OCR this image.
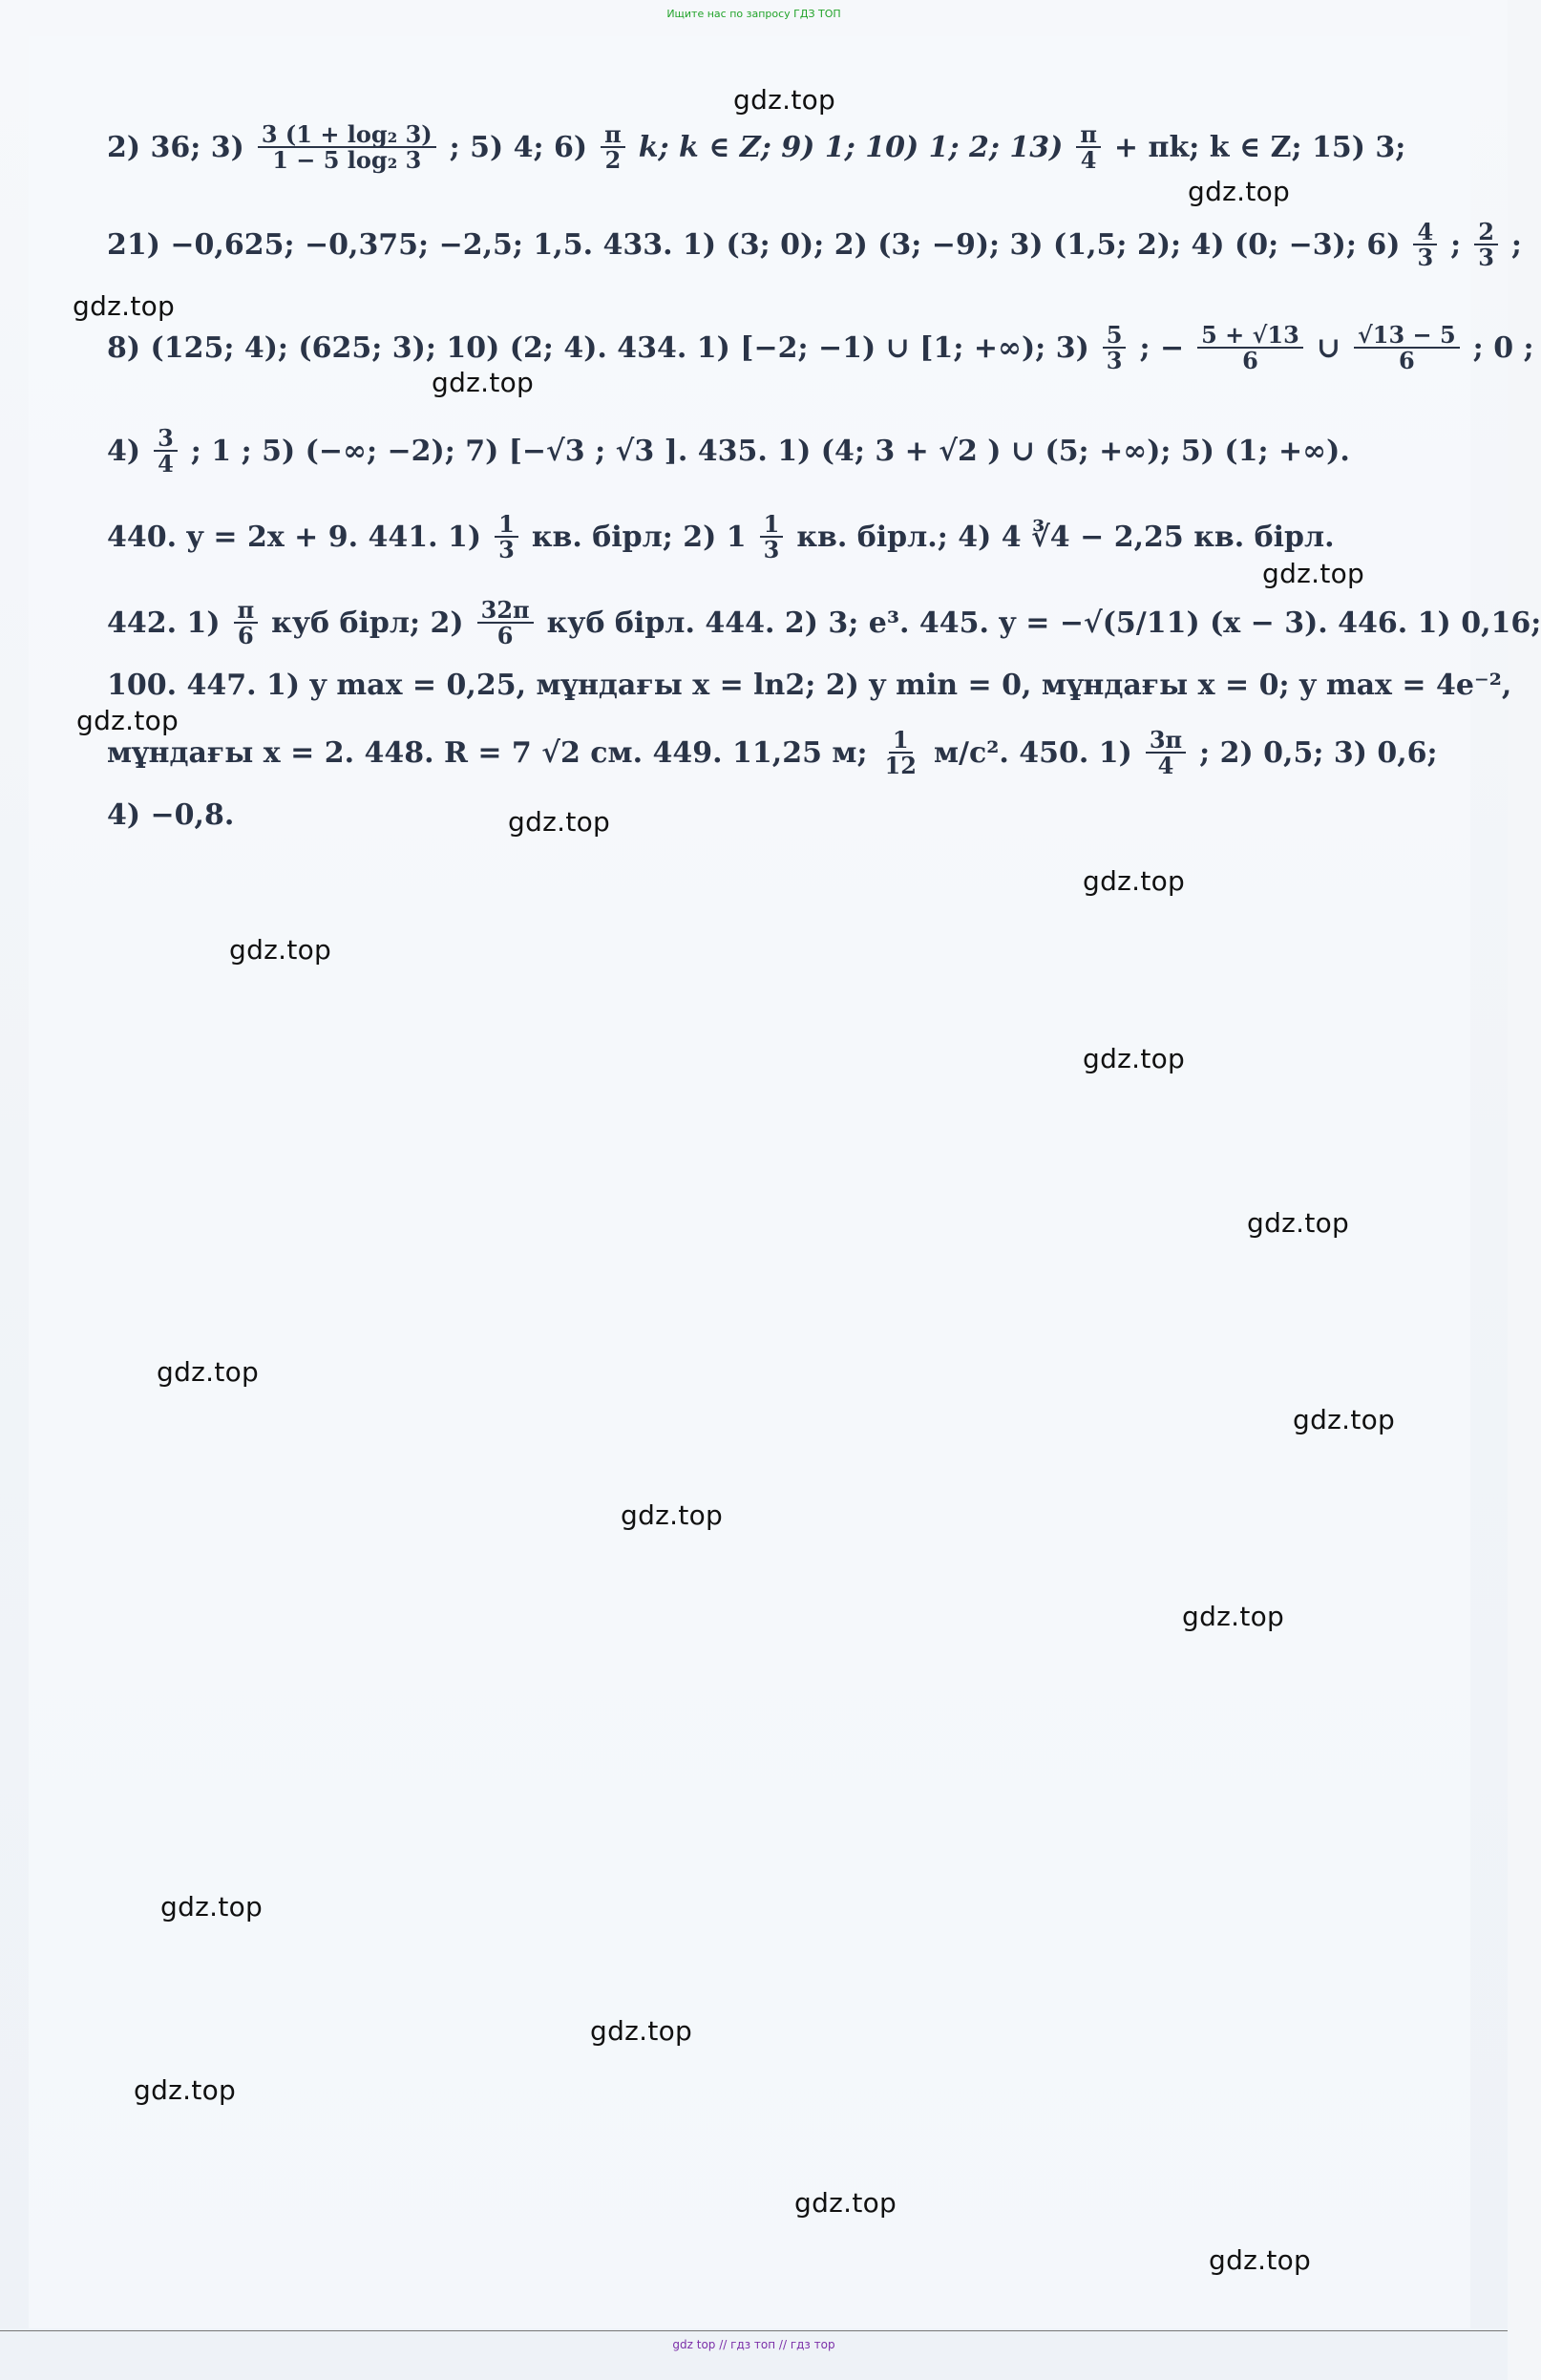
Ищите нас по запросу ГДЗ ТОП
2) 36; $3) \frac{\text{3 (1 + log₂ 3)}}{\text{1 − 5 log₂ 3}}$ ; 5) 4; $6) \frac{\pi}{2} k$; k ∈ Z; 9) 1; 10) 1; 2; $13) \frac{\pi}{4} + \pi k$; k ∈ Z; 15) 3;
21) −0,625; −0,375; −2,5; 1,5. 433. 1) (3; 0); 2) (3; −9); 3) (1,5; 2); 4) (0; −3); $6) \frac{4}{3}$ ; $\frac{2}{3}$ ;
8) (125; 4); (625; 3); 10) (2; 4). 434. 1) [−2; −1) ∪ [1; +∞); $3) \frac{5}{3}$ ; − $\frac{5 + √13}{6}$ ∪ $\frac{√13 - 5}{6}$ ; 0 ;
$4) \frac{3}{4}$ ; 1 ; 5) (−∞; −2); 7) [−√3 ; √3 ]. 435. 1) (4; 3 + √2 ) ∪ (5; +∞); 5) (1; +∞).
440. y = 2x + 9. 441. $1) \frac{1}{3}$ кв. бірл; 2) $1 \frac{1}{3}$ кв. бірл.; 4) 4 ∛4 − 2,25 кв. бірл.
442. $1) \frac{\pi}{6}$ куб бірл; $2) \frac{32\pi}{6}$ куб бірл. 444. 2) 3; e³. 445. y = −√(5/11) (x − 3). 446. 1) 0,16;
100. 447. 1) y max = 0,25, мұндағы x = ln2; 2) y min = 0, мұндағы x = 0; y max = 4e⁻²,
мұндағы x = 2. 448. R = 7 √2 см. 449. 11,25 м; $\frac{1}{12} м/с^2$. 450. $1) \frac{3\pi}{4}$ ; 2) 0,5; 3) 0,6;
4) −0,8.
gdz.top
gdz.top
gdz.top
gdz.top
gdz.top
gdz.top
gdz.top
gdz.top
gdz.top
gdz.top
gdz.top
gdz.top
gdz.top
gdz.top
gdz.top
gdz.top
gdz.top
gdz.top
gdz.top
gdz.top
gdz top // гдз топ // гдз тор
